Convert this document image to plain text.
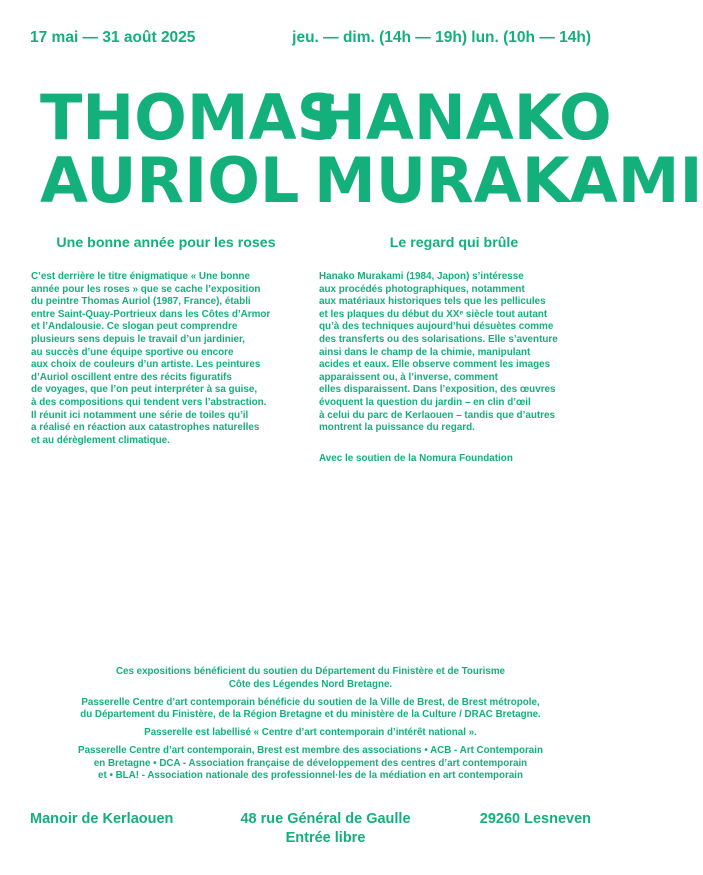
17 mai — 31 août 2025	jeu. — dim. (14h — 19h) lun. (10h — 14h)
THOMAS
AURIOL
HANAKO
MURAKAMI
Une bonne année pour les roses	Le regard qui brûle
C’est derrière le titre énigmatique « Une bonne
année pour les roses » que se cache l’exposition
du peintre Thomas Auriol (1987, France), établi
entre Saint-Quay-Portrieux dans les Côtes d’Armor
et l’Andalousie. Ce slogan peut comprendre
plusieurs sens depuis le travail d’un jardinier,
au succès d’une équipe sportive ou encore
aux choix de couleurs d’un artiste. Les peintures
d’Auriol oscillent entre des récits figuratifs
de voyages, que l’on peut interpréter à sa guise,
à des compositions qui tendent vers l’abstraction.
Il réunit ici notamment une série de toiles qu’il
a réalisé en réaction aux catastrophes naturelles
et au dérèglement climatique.
Hanako Murakami (1984, Japon) s’intéresse
aux procédés photographiques, notamment
aux matériaux historiques tels que les pellicules
et les plaques du début du XXᵉ siècle tout autant
qu’à des techniques aujourd’hui désuètes comme
des transferts ou des solarisations. Elle s’aventure
ainsi dans le champ de la chimie, manipulant
acides et eaux. Elle observe comment les images
apparaissent ou, à l’inverse, comment
elles disparaissent. Dans l’exposition, des œuvres
évoquent la question du jardin – en clin d’œil
à celui du parc de Kerlaouen – tandis que d’autres
montrent la puissance du regard.
Avec le soutien de la Nomura Foundation

Ces expositions bénéficient du soutien du Département du Finistère et de Tourisme
Côte des Légendes Nord Bretagne.

Passerelle Centre d’art contemporain bénéficie du soutien de la Ville de Brest, de Brest métropole,
du Département du Finistère, de la Région Bretagne et du ministère de la Culture / DRAC Bretagne.

Passerelle est labellisé « Centre d’art contemporain d’intérêt national ».

Passerelle Centre d’art contemporain, Brest est membre des associations • ACB - Art Contemporain
en Bretagne • DCA - Association française de développement des centres d’art contemporain
et • BLA! - Association nationale des professionnel·les de la médiation en art contemporain

Manoir de Kerlaouen	48 rue Général de Gaulle
Entrée libre
29260 Lesneven
